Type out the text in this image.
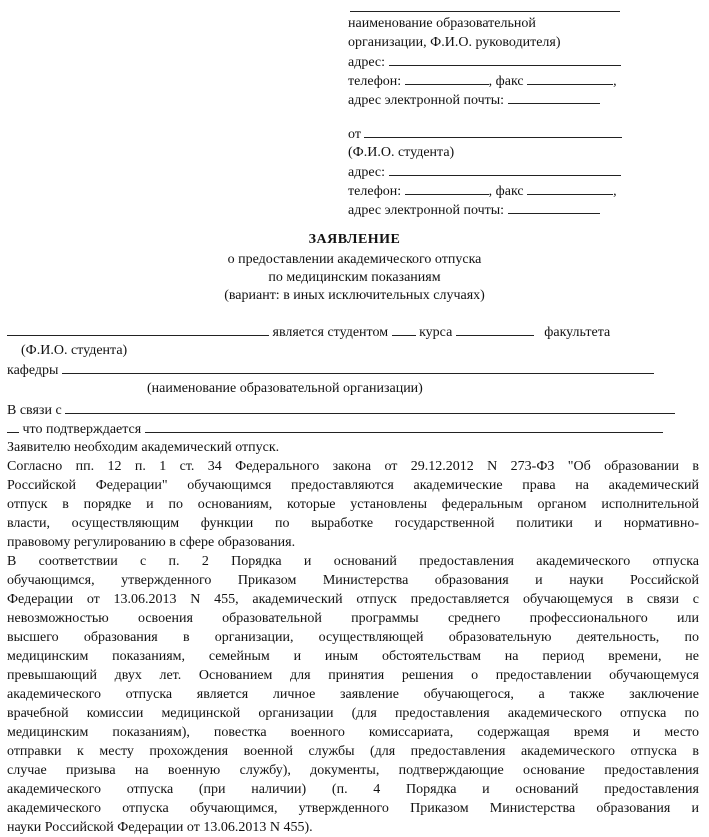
наименование образовательной
организации, Ф.И.О. руководителя)
адрес:
телефон:	, факс	,
адрес электронной почты:
от
(Ф.И.О. студента)
адрес:
телефон:	, факс	,
адрес электронной почты:
ЗАЯВЛЕНИЕ
о предоставлении академического отпуска
по медицинским показаниям
(вариант: в иных исключительных случаях)
является студентом курса	факультета
(Ф.И.О. студента)
кафедры
(наименование образовательной организации)
В связи с
что подтверждается
Заявителю необходим академический отпуск.
Согласно пп. 12 п. 1 ст. 34 Федерального закона от 29.12.2012 N 273-ФЗ "Об образовании в
Российской Федерации" обучающимся предоставляются академические права на академический
отпуск в порядке и по основаниям, которые установлены федеральным органом исполнительной
власти, осуществляющим функции по выработке государственной политики и нормативно-
правовому регулированию в сфере образования.
В соответствии с п. 2 Порядка и оснований предоставления академического отпуска
обучающимся, утвержденного Приказом Министерства образования и науки Российской
Федерации от 13.06.2013 N 455, академический отпуск предоставляется обучающемуся в связи с
невозможностью освоения образовательной программы среднего профессионального или
высшего образования в организации, осуществляющей образовательную деятельность, по
медицинским показаниям, семейным и иным обстоятельствам на период времени, не
превышающий двух лет. Основанием для принятия решения о предоставлении обучающемуся
академического отпуска является личное заявление обучающегося, а также заключение
врачебной комиссии медицинской организации (для предоставления академического отпуска по
медицинским показаниям), повестка военного комиссариата, содержащая время и место
отправки к месту прохождения военной службы (для предоставления академического отпуска в
случае призыва на военную службу), документы, подтверждающие основание предоставления
академического отпуска (при наличии) (п. 4 Порядка и оснований предоставления
академического отпуска обучающимся, утвержденного Приказом Министерства образования и
науки Российской Федерации от 13.06.2013 N 455).
